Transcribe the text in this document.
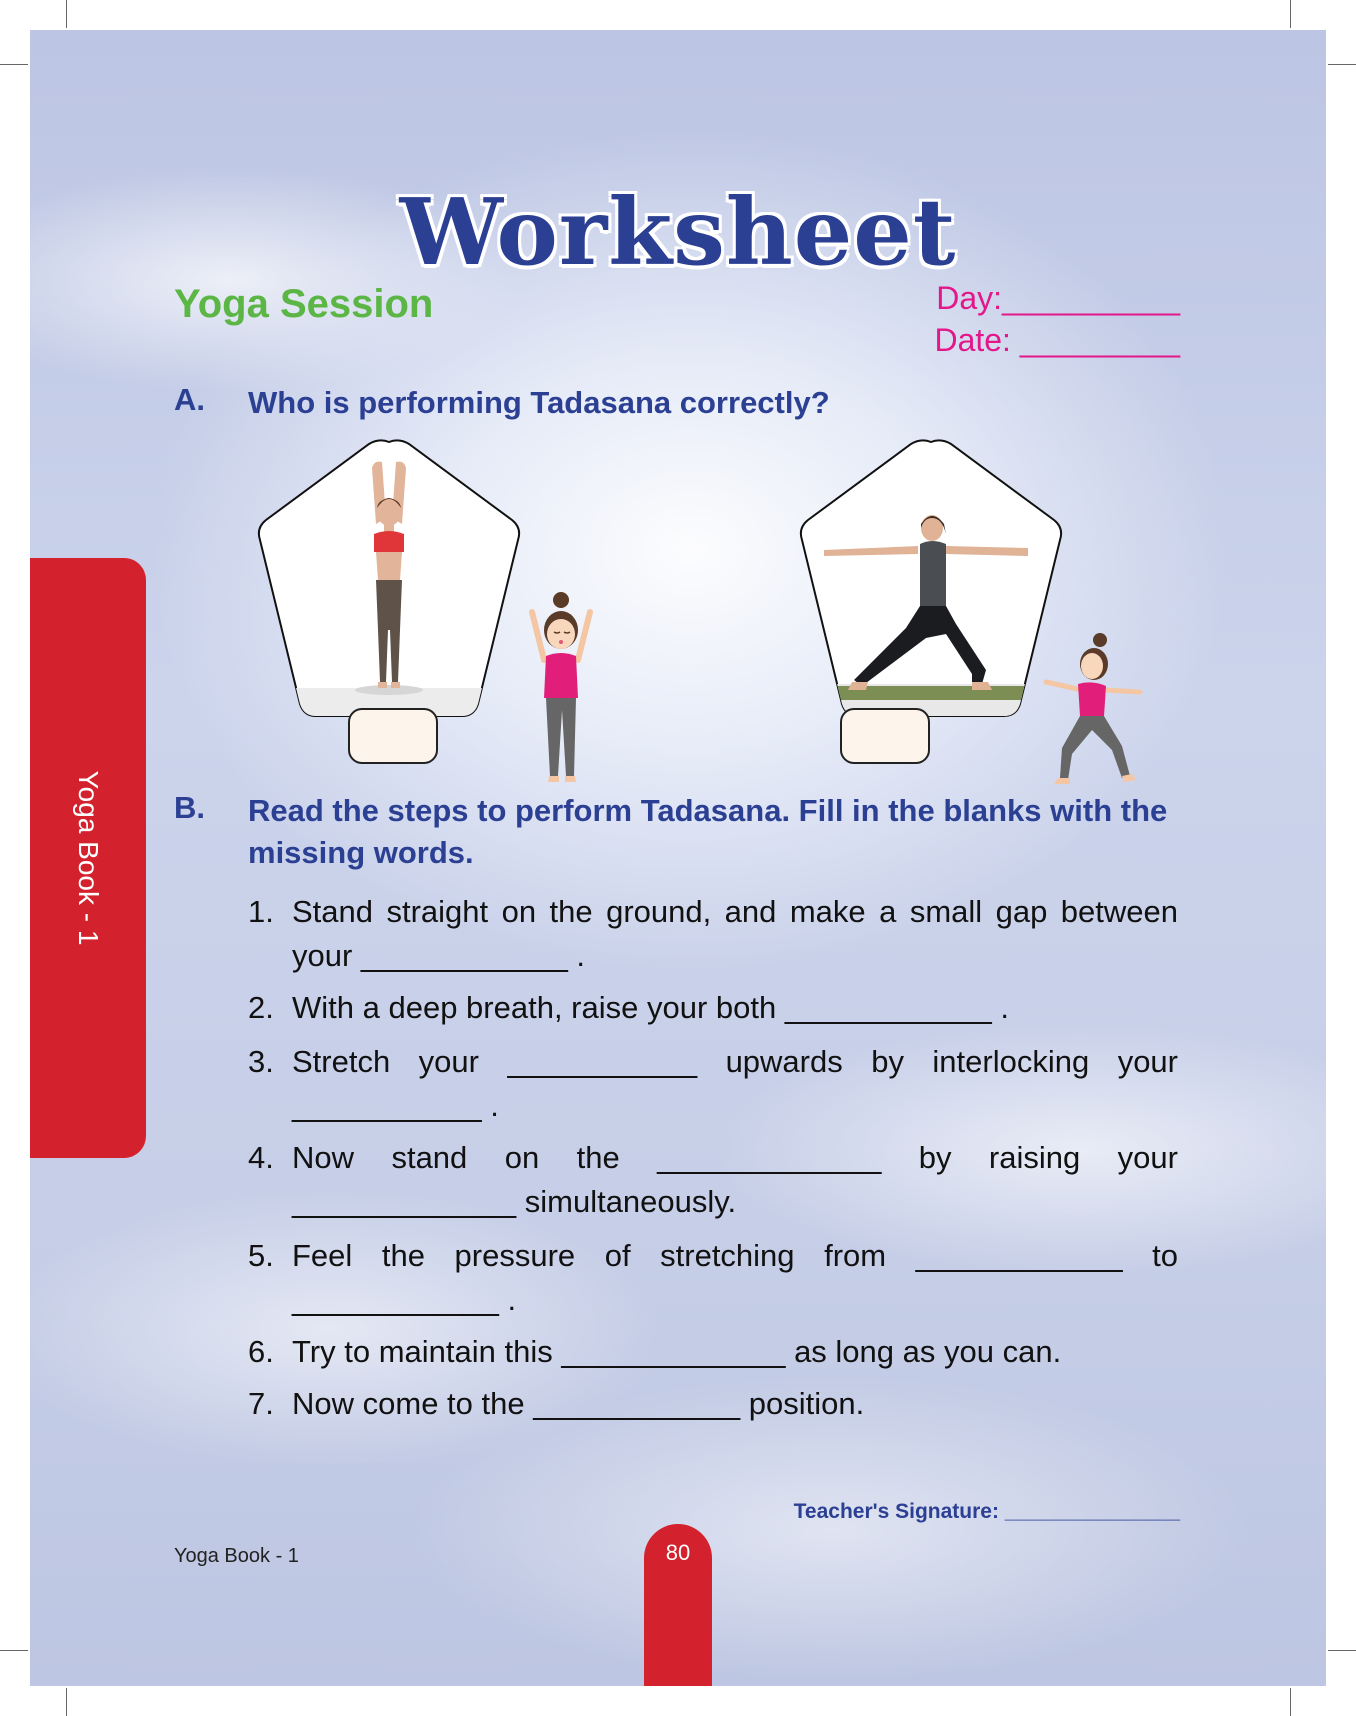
Worksheet
Yoga Session	Day:__________
Date: _________
A. Who is performing Tadasana correctly?
B. Read the steps to perform Tadasana. Fill in the blanks with the missing words.
1. Stand straight on the ground, and make a small gap between
your ____________ .
2. With a deep breath, raise your both ____________ .
3. Stretch your ___________ upwards by interlocking your
___________ .
4. Now stand on the _____________ by raising your
_____________ simultaneously.
5. Feel the pressure of stretching from ____________ to
____________ .
6. Try to maintain this _____________ as long as you can.
7. Now come to the ____________ position.
Teacher's Signature: _______________
Yoga Book - 1
Yoga Book - 1	80
